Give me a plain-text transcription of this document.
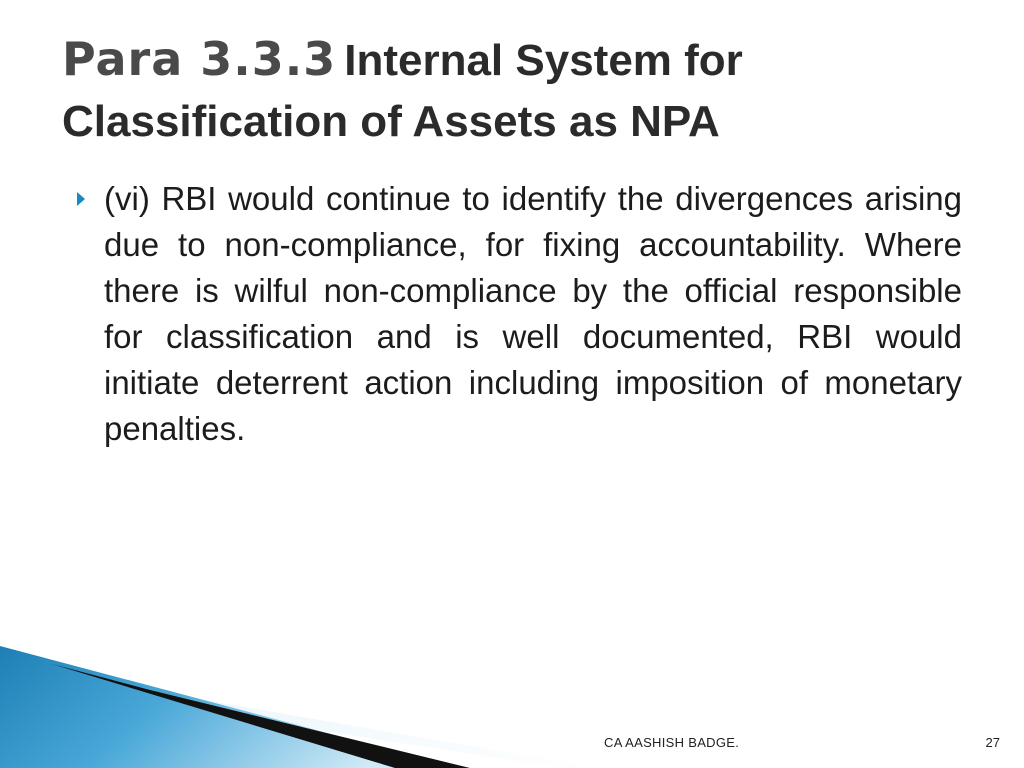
Para 3.3.3 Internal System for Classification of Assets as NPA
(vi) RBI would continue to identify the divergences arising due to non-compliance, for fixing accountability. Where there is wilful non-compliance by the official responsible for classification and is well documented, RBI would initiate deterrent action including imposition of monetary penalties.
CA AASHISH BADGE.	27
